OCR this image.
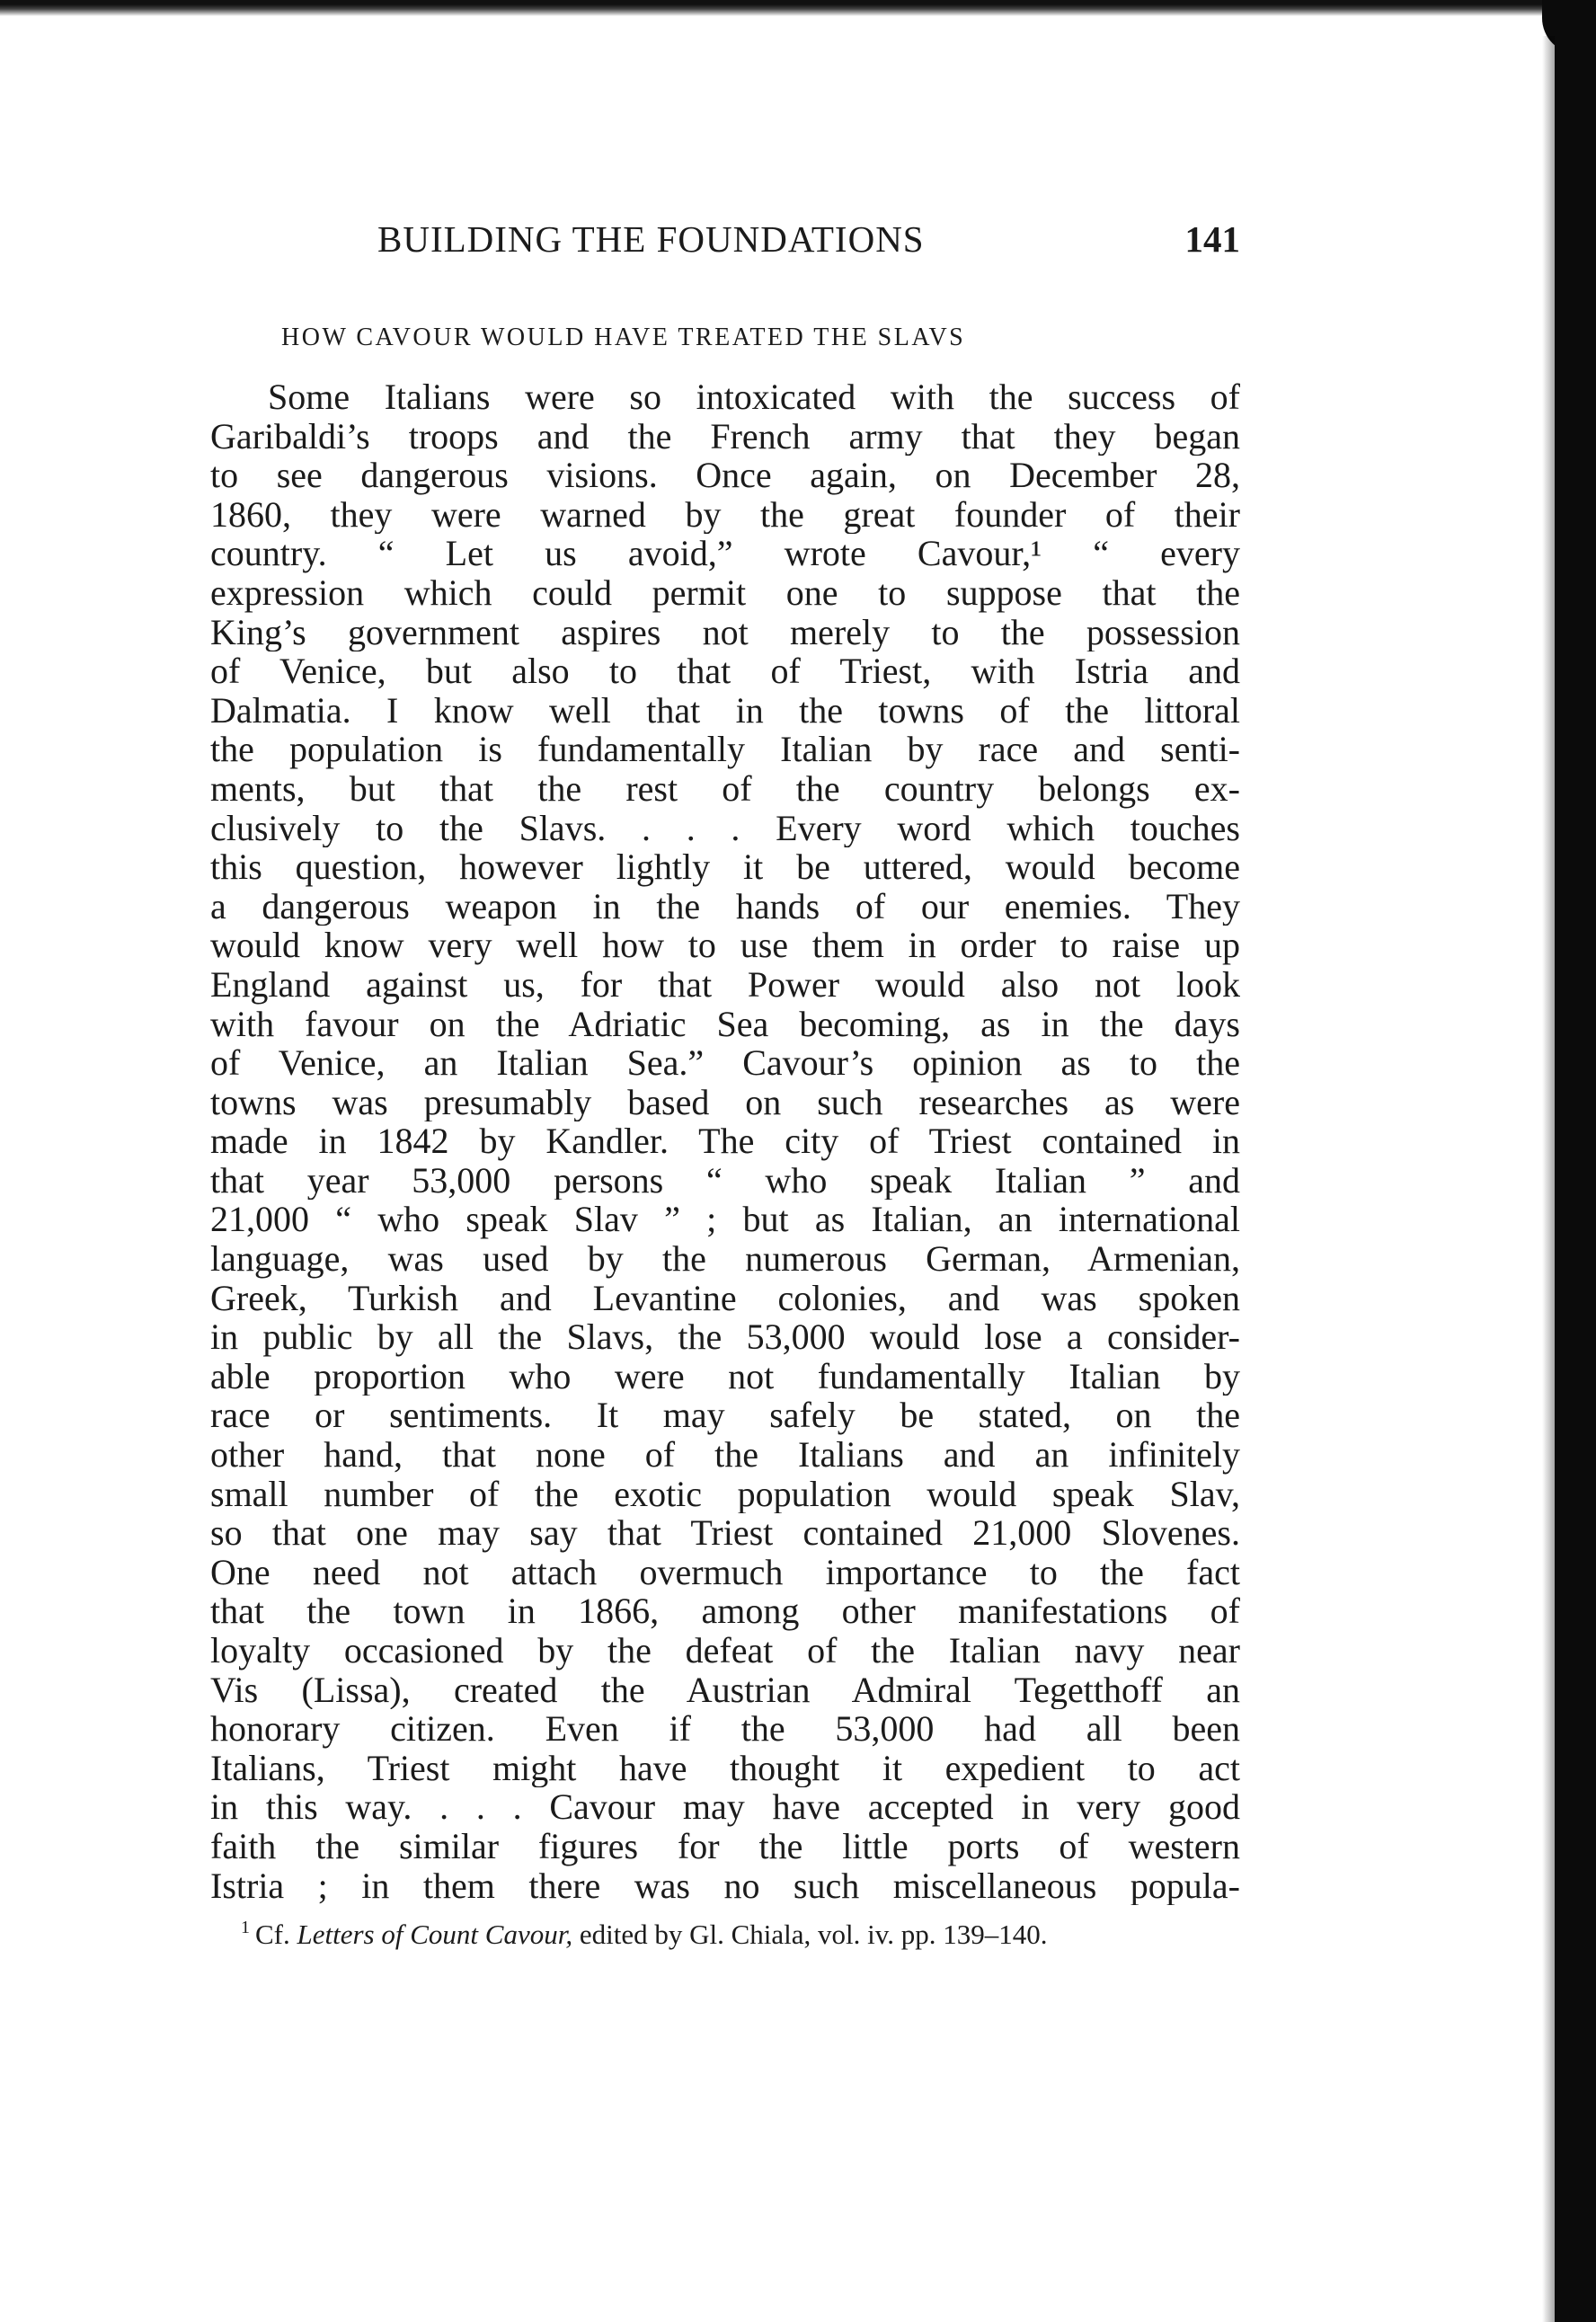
BUILDING THE FOUNDATIONS	141
HOW CAVOUR WOULD HAVE TREATED THE SLAVS
Some Italians were so intoxicated with the success of
Garibaldi’s troops and the French army that they began
to see dangerous visions. Once again, on December 28,
1860, they were warned by the great founder of their
country. “ Let us avoid,” wrote Cavour,¹ “ every
expression which could permit one to suppose that the
King’s government aspires not merely to the possession
of Venice, but also to that of Triest, with Istria and
Dalmatia. I know well that in the towns of the littoral
the population is fundamentally Italian by race and senti-
ments, but that the rest of the country belongs ex-
clusively to the Slavs. . . . Every word which touches
this question, however lightly it be uttered, would become
a dangerous weapon in the hands of our enemies. They
would know very well how to use them in order to raise up
England against us, for that Power would also not look
with favour on the Adriatic Sea becoming, as in the days
of Venice, an Italian Sea.” Cavour’s opinion as to the
towns was presumably based on such researches as were
made in 1842 by Kandler. The city of Triest contained in
that year 53,000 persons “ who speak Italian ” and
21,000 “ who speak Slav ” ; but as Italian, an international
language, was used by the numerous German, Armenian,
Greek, Turkish and Levantine colonies, and was spoken
in public by all the Slavs, the 53,000 would lose a consider-
able proportion who were not fundamentally Italian by
race or sentiments. It may safely be stated, on the
other hand, that none of the Italians and an infinitely
small number of the exotic population would speak Slav,
so that one may say that Triest contained 21,000 Slovenes.
One need not attach overmuch importance to the fact
that the town in 1866, among other manifestations of
loyalty occasioned by the defeat of the Italian navy near
Vis (Lissa), created the Austrian Admiral Tegetthoff an
honorary citizen. Even if the 53,000 had all been
Italians, Triest might have thought it expedient to act
in this way. . . . Cavour may have accepted in very good
faith the similar figures for the little ports of western
Istria ; in them there was no such miscellaneous popula-
$^1$ Cf. Letters of Count Cavour, edited by Gl. Chiala, vol. iv. pp. 139–140.
